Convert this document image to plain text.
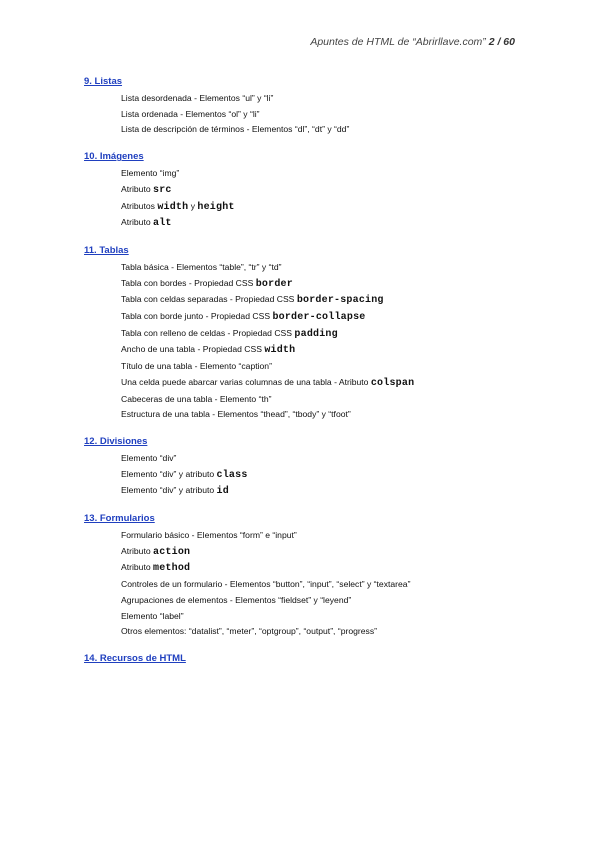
Apuntes de HTML de “Abrirllave.com” 2 / 60
9. Listas
Lista desordenada - Elementos “ul” y “li”
Lista ordenada - Elementos “ol” y “li”
Lista de descripción de términos - Elementos “dl”, “dt” y “dd”
10. Imágenes
Elemento “img”
Atributo src
Atributos width y height
Atributo alt
11. Tablas
Tabla básica - Elementos “table”, “tr” y “td”
Tabla con bordes - Propiedad CSS border
Tabla con celdas separadas - Propiedad CSS border-spacing
Tabla con borde junto - Propiedad CSS border-collapse
Tabla con relleno de celdas - Propiedad CSS padding
Ancho de una tabla - Propiedad CSS width
Título de una tabla - Elemento “caption”
Una celda puede abarcar varias columnas de una tabla - Atributo colspan
Cabeceras de una tabla - Elemento “th”
Estructura de una tabla - Elementos “thead”, “tbody” y “tfoot”
12. Divisiones
Elemento “div”
Elemento “div” y atributo class
Elemento “div” y atributo id
13. Formularios
Formulario básico - Elementos “form” e “input”
Atributo action
Atributo method
Controles de un formulario - Elementos “button”, “input”, “select” y “textarea”
Agrupaciones de elementos - Elementos “fieldset” y “leyend”
Elemento “label”
Otros elementos: “datalist”, “meter”, “optgroup”, “output”, “progress”
14. Recursos de HTML
